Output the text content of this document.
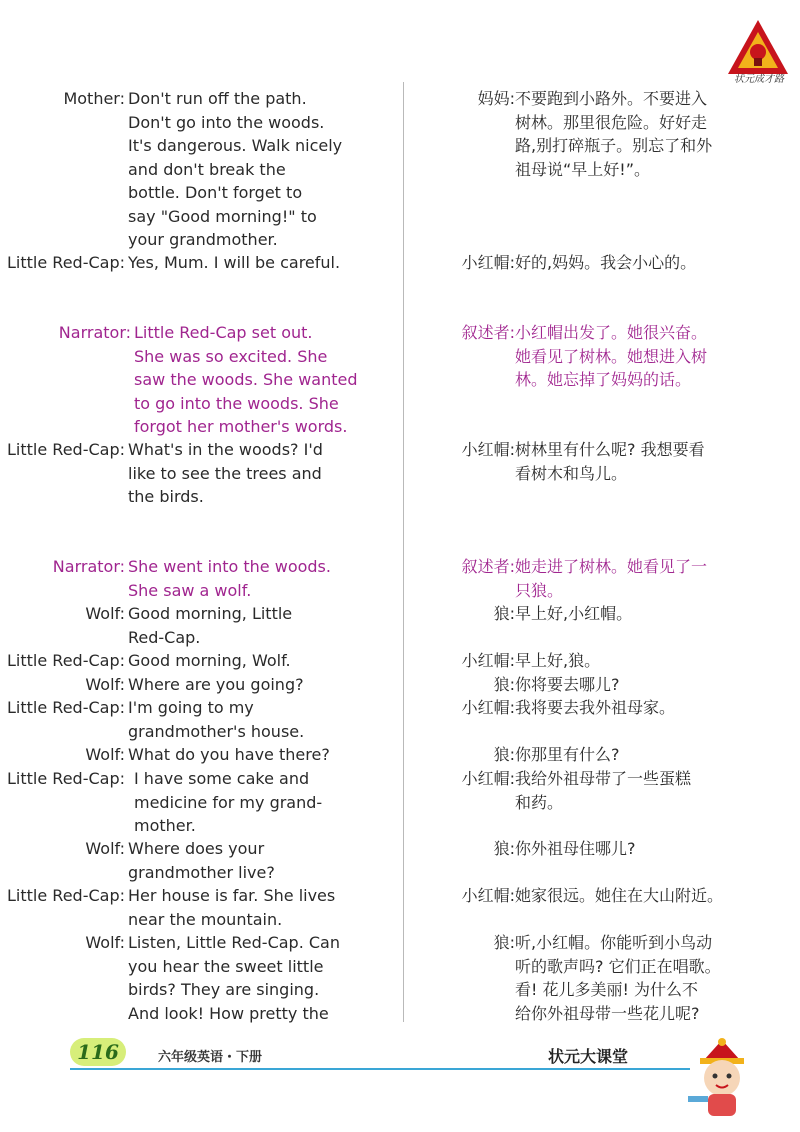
状元成才路
Mother: Don't run off the path.
Don't go into the woods.
It's dangerous. Walk nicely
and don't break the
bottle. Don't forget to
say "Good morning!" to
your grandmother.
Little Red-Cap: Yes, Mum. I will be careful.
Narrator: Little Red-Cap set out.
She was so excited. She
saw the woods. She wanted
to go into the woods. She
forgot her mother's words.
Little Red-Cap: What's in the woods? I'd
like to see the trees and
the birds.
Narrator: She went into the woods.
She saw a wolf.
Wolf: Good morning, Little
Red-Cap.
Little Red-Cap: Good morning, Wolf.
Wolf: Where are you going?
Little Red-Cap: I'm going to my
grandmother's house.
Wolf: What do you have there?
Little Red-Cap: I have some cake and
medicine for my grand-
mother.
Wolf: Where does your
grandmother live?
Little Red-Cap: Her house is far. She lives
near the mountain.
Wolf: Listen, Little Red-Cap. Can
you hear the sweet little
birds? They are singing.
And look! How pretty the
妈妈: 不要跑到小路外。不要进入
树林。那里很危险。好好走
路,别打碎瓶子。别忘了和外
祖母说“早上好!”。
小红帽: 好的,妈妈。我会小心的。
叙述者: 小红帽出发了。她很兴奋。
她看见了树林。她想进入树
林。她忘掉了妈妈的话。
小红帽: 树林里有什么呢? 我想要看
看树木和鸟儿。
叙述者: 她走进了树林。她看见了一
只狼。
狼: 早上好,小红帽。
小红帽: 早上好,狼。
狼: 你将要去哪儿?
小红帽: 我将要去我外祖母家。
狼: 你那里有什么?
小红帽: 我给外祖母带了一些蛋糕
和药。
狼: 你外祖母住哪儿?
小红帽: 她家很远。她住在大山附近。
狼: 听,小红帽。你能听到小鸟动
听的歌声吗? 它们正在唱歌。
看! 花儿多美丽! 为什么不
给你外祖母带一些花儿呢?
116	六年级英语・下册	状元大课堂
